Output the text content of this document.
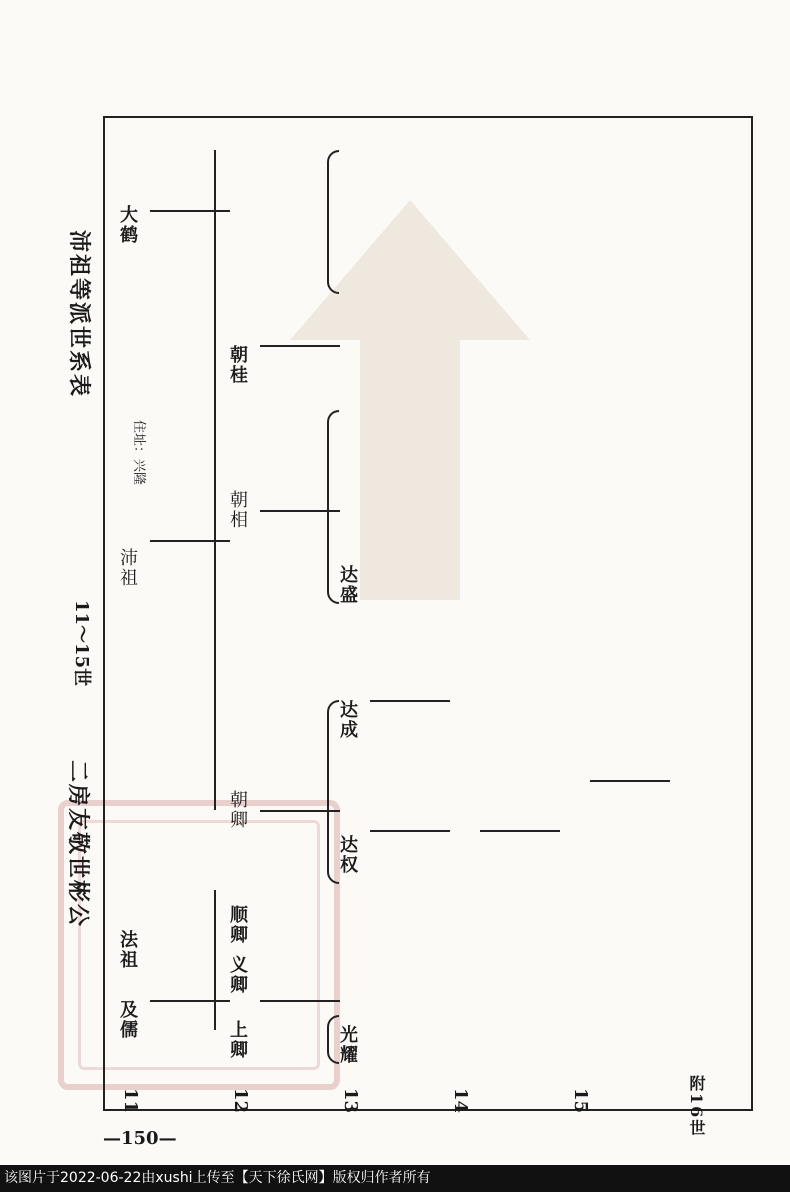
二房友敬世彬公
11～15世
沛祖等派世系表
住址：兴隆
11	12	13	14	15	附16世
及儒
法祖
沛祖
大鹤
上卿
义卿
顺卿
朝卿
朝相
朝桂
光耀
达权
达成
达盛
—150—
该图片于2022-06-22由xushi上传至【天下徐氏网】版权归作者所有
